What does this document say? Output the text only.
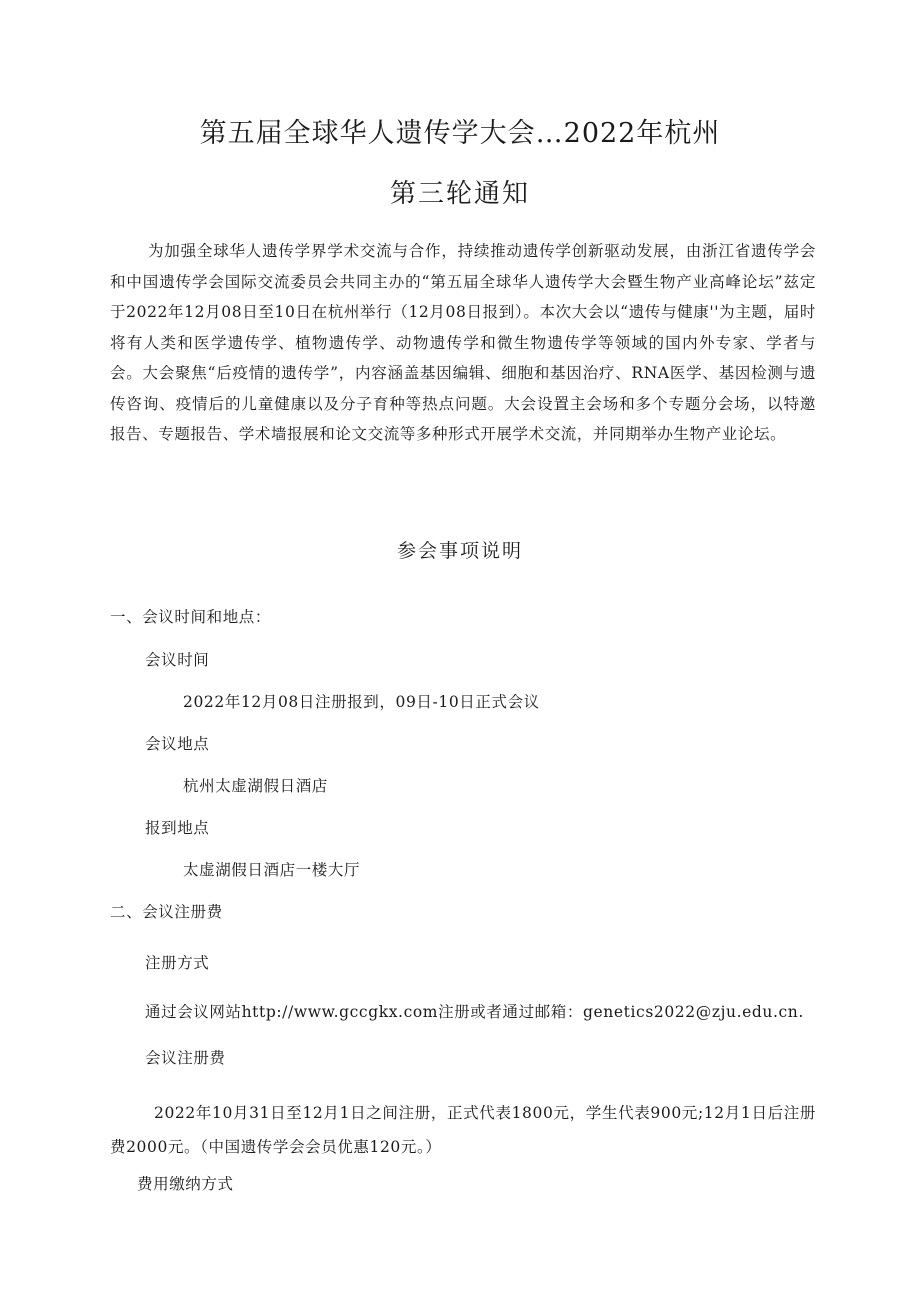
第五届全球华人遗传学大会…2022年杭州
第三轮通知
为加强全球华人遗传学界学术交流与合作，持续推动遗传学创新驱动发展，由浙江省遗传学会和中国遗传学会国际交流委员会共同主办的“第五届全球华人遗传学大会暨生物产业高峰论坛”兹定于2022年12月08日至10日在杭州举行（12月08日报到）。本次大会以“遗传与健康''为主题，届时将有人类和医学遗传学、植物遗传学、动物遗传学和微生物遗传学等领域的国内外专家、学者与会。大会聚焦“后疫情的遗传学”，内容涵盖基因编辑、细胞和基因治疗、RNA医学、基因检测与遗传咨询、疫情后的儿童健康以及分子育种等热点问题。大会设置主会场和多个专题分会场，以特邀报告、专题报告、学术墙报展和论文交流等多种形式开展学术交流，并同期举办生物产业论坛。
参会事项说明
一、会议时间和地点：
会议时间
2022年12月08日注册报到，09日-10日正式会议
会议地点
杭州太虚湖假日酒店
报到地点
太虚湖假日酒店一楼大厅
二、会议注册费
注册方式
通过会议网站http://www.gccgkx.com注册或者通过邮箱：genetics2022@zju.edu.cn.
会议注册费
2022年10月31日至12月1日之间注册，正式代表1800元，学生代表900元;12月1日后注册费2000元。（中国遗传学会会员优惠120元。）
费用缴纳方式
